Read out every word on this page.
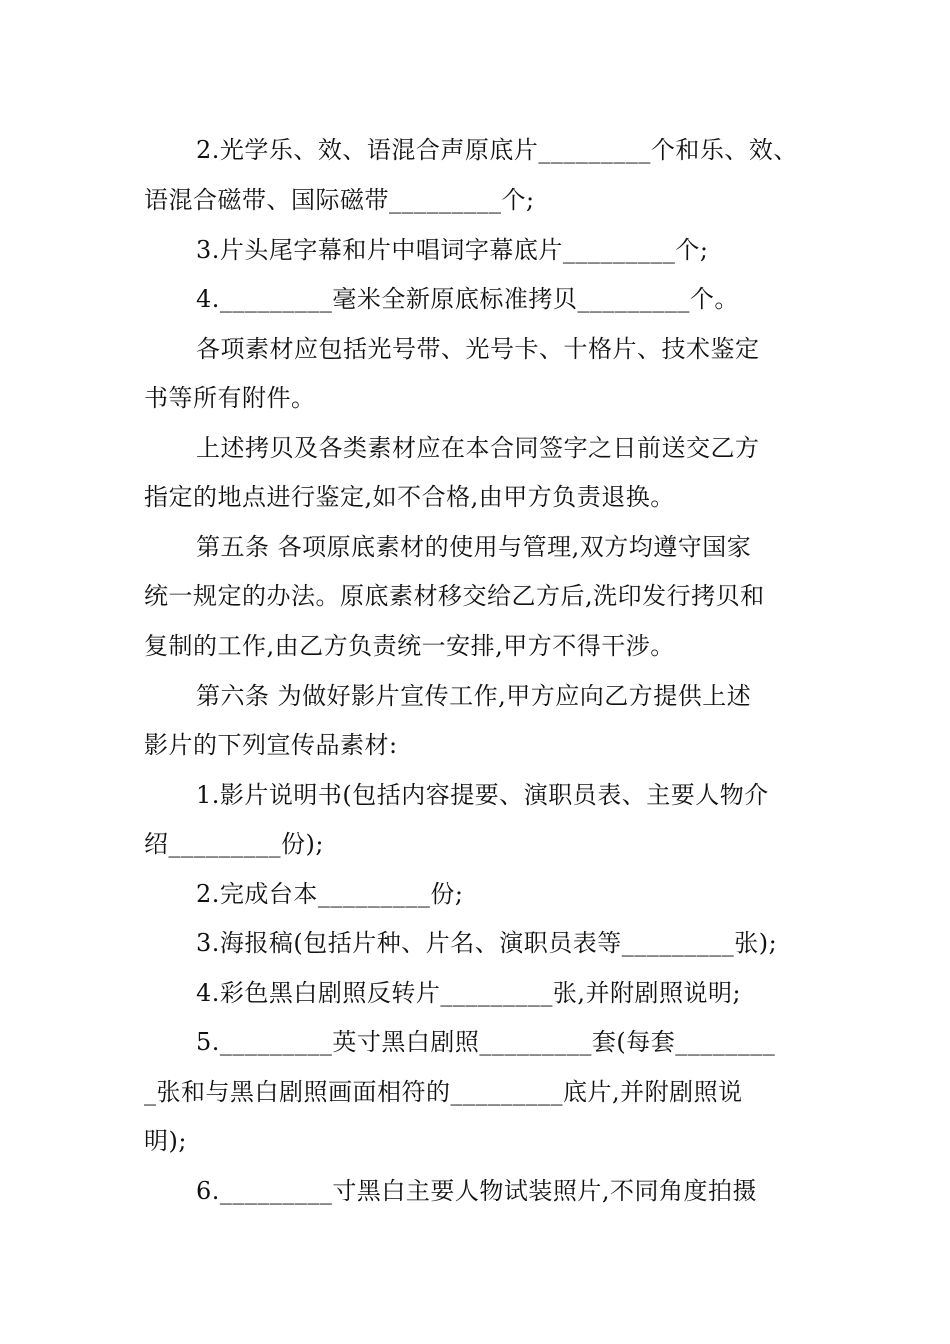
2.光学乐、效、语混合声原底片_________个和乐、效、
语混合磁带、国际磁带_________个;
3.片头尾字幕和片中唱词字幕底片_________个;
4._________毫米全新原底标准拷贝_________个。
各项素材应包括光号带、光号卡、十格片、技术鉴定
书等所有附件。
上述拷贝及各类素材应在本合同签字之日前送交乙方
指定的地点进行鉴定,如不合格,由甲方负责退换。
第五条 各项原底素材的使用与管理,双方均遵守国家
统一规定的办法。原底素材移交给乙方后,洗印发行拷贝和
复制的工作,由乙方负责统一安排,甲方不得干涉。
第六条 为做好影片宣传工作,甲方应向乙方提供上述
影片的下列宣传品素材:
1.影片说明书(包括内容提要、演职员表、主要人物介
绍_________份);
2.完成台本_________份;
3.海报稿(包括片种、片名、演职员表等_________张);
4.彩色黑白剧照反转片_________张,并附剧照说明;
5._________英寸黑白剧照_________套(每套________
_张和与黑白剧照画面相符的_________底片,并附剧照说
明);
6._________寸黑白主要人物试装照片,不同角度拍摄
